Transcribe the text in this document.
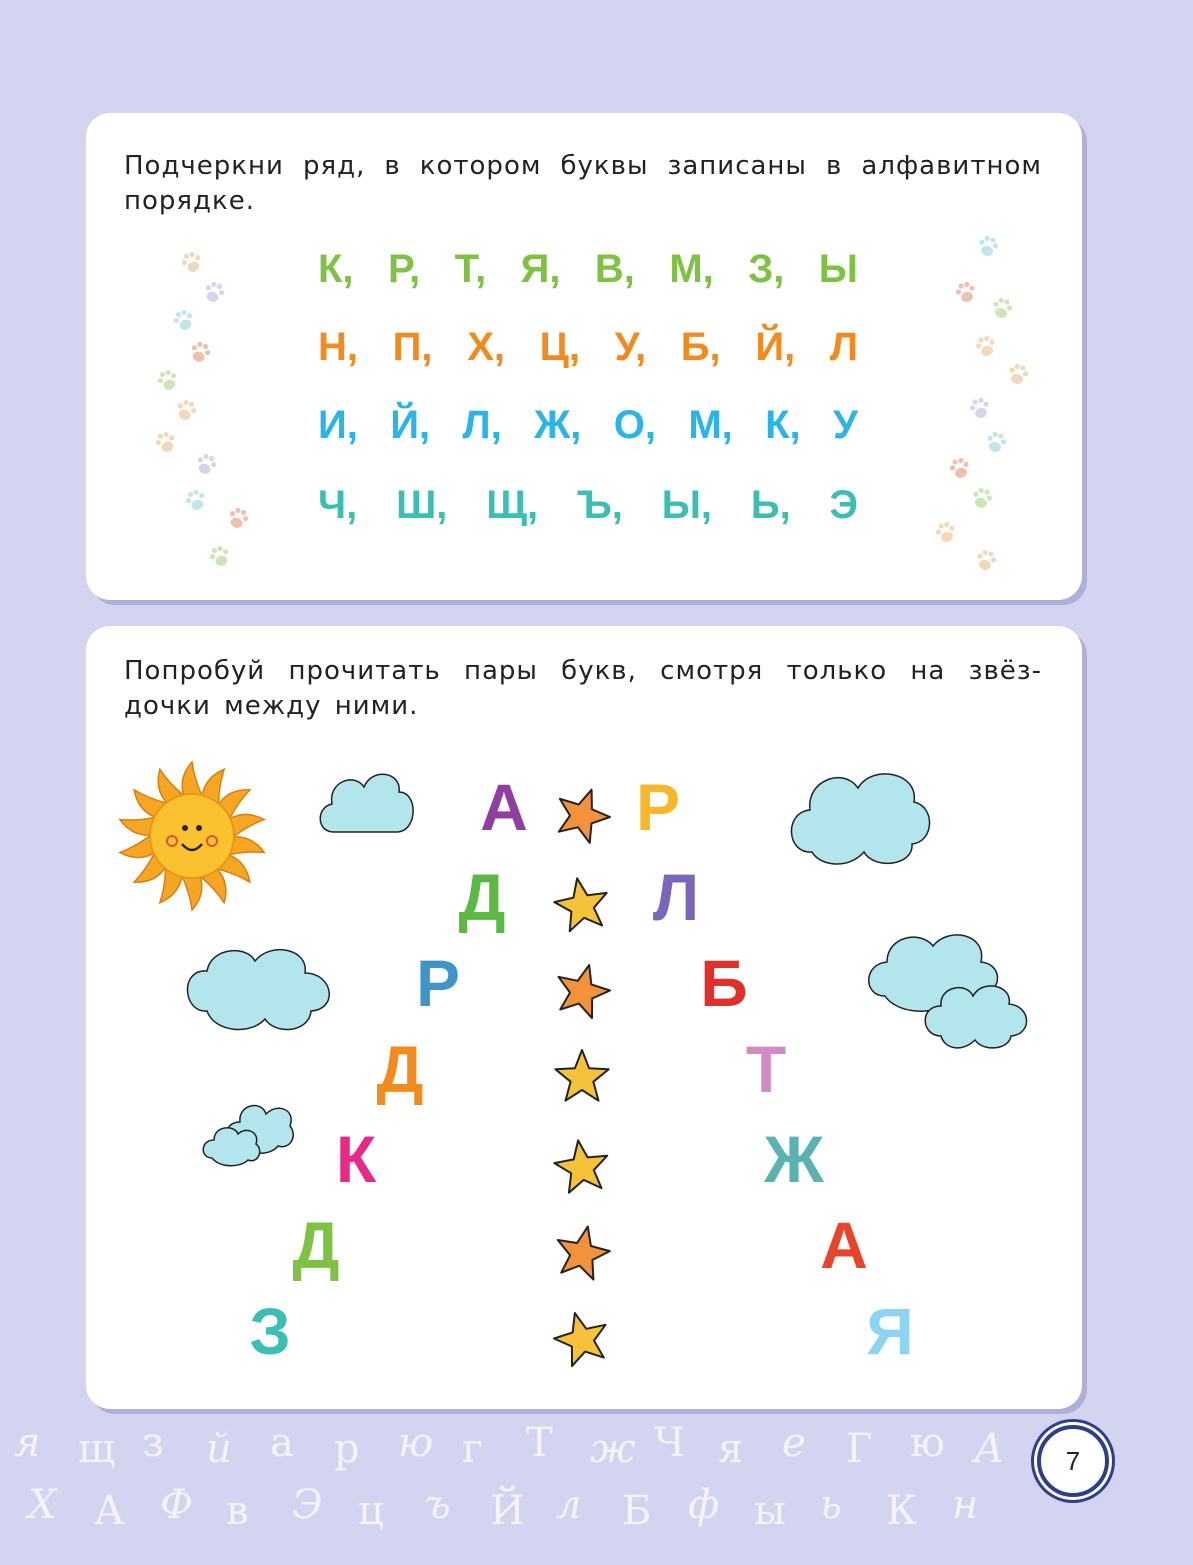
Подчеркни ряд, в котором буквы записаны в алфавитном порядке.

К, Р, Т, Я, В, М, З, Ы
Н, П, Х, Ц, У, Б, Й, Л
И, Й, Л, Ж, О, М, К, У
Ч, Ш, Щ, Ъ, Ы, Ь, Э

Попробуй прочитать пары букв, смотря только на звёз-дочки между ними.

А Р
Д Л
Р	Б
Д	Т
К	Ж
Д	А
З	Я
я щ з й а р ю г Т ж Ч я е Г ю А
Х А Ф в Э ц ъ Й л Б ф ы ь К н
7
